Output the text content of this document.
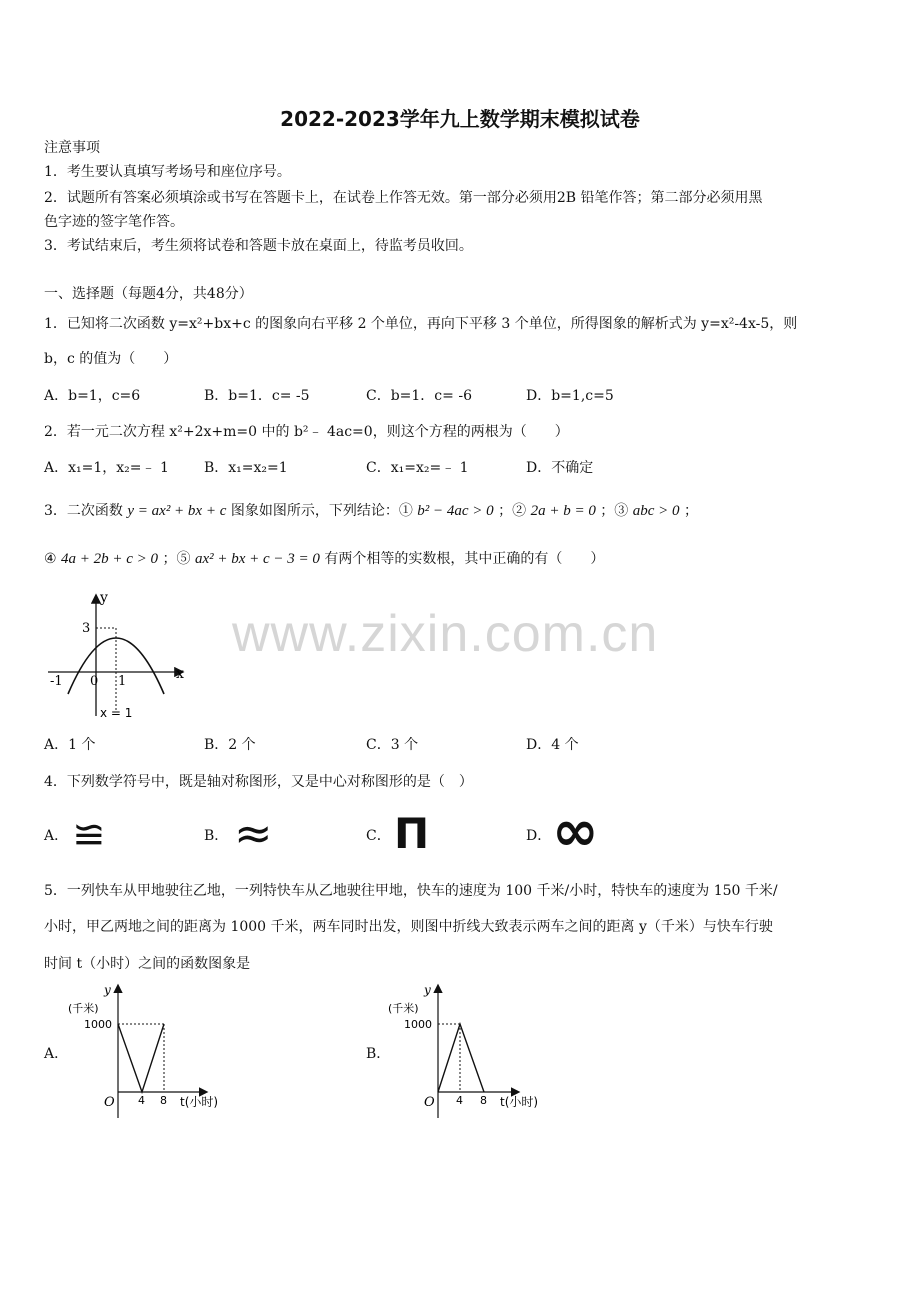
www.zixin.com.cn
2022-2023学年九上数学期末模拟试卷
注意事项
1．考生要认真填写考场号和座位序号。
2．试题所有答案必须填涂或书写在答题卡上，在试卷上作答无效。第一部分必须用2B 铅笔作答；第二部分必须用黑
色字迹的签字笔作答。
3．考试结束后，考生须将试卷和答题卡放在桌面上，待监考员收回。
一、选择题（每题4分，共48分）
1．已知将二次函数 y=x²+bx+c 的图象向右平移 2 个单位，再向下平移 3 个单位，所得图象的解析式为 y=x²-4x-5，则
b，c 的值为（　　）
A．b=1，c=6	B．b=1．c= -5	C．b=1．c= -6	D．b=1,c=5
2．若一元二次方程 x²+2x+m=0 中的 b²﹣ 4ac=0，则这个方程的两根为（　　）
A．x₁=1，x₂=﹣ 1	B．x₁=x₂=1	C．x₁=x₂=﹣ 1	D．不确定
3．二次函数 y = ax² + bx + c 图象如图所示，下列结论：① b² − 4ac > 0 ；② 2a + b = 0 ；③ abc > 0 ；
④ 4a + 2b + c > 0 ；⑤ ax² + bx + c − 3 = 0 有两个相等的实数根，其中正确的有（　　）
y
x
3
-1 0 1
x = 1
A．1 个	B．2 个	C．3 个	D．4 个
4．下列数学符号中，既是轴对称图形，又是中心对称图形的是（　）
A． ≌	B． ≈	C． Π	D． ∞
5．一列快车从甲地驶往乙地，一列特快车从乙地驶往甲地，快车的速度为 100 千米/小时，特快车的速度为 150 千米/
小时，甲乙两地之间的距离为 1000 千米，两车同时出发，则图中折线大致表示两车之间的距离 y（千米）与快车行驶
时间 t（小时）之间的函数图象是
A．
y
(千米)
1000
O 4 8 t(小时)
B．
y
(千米)
1000
O 4 8 t(小时)
